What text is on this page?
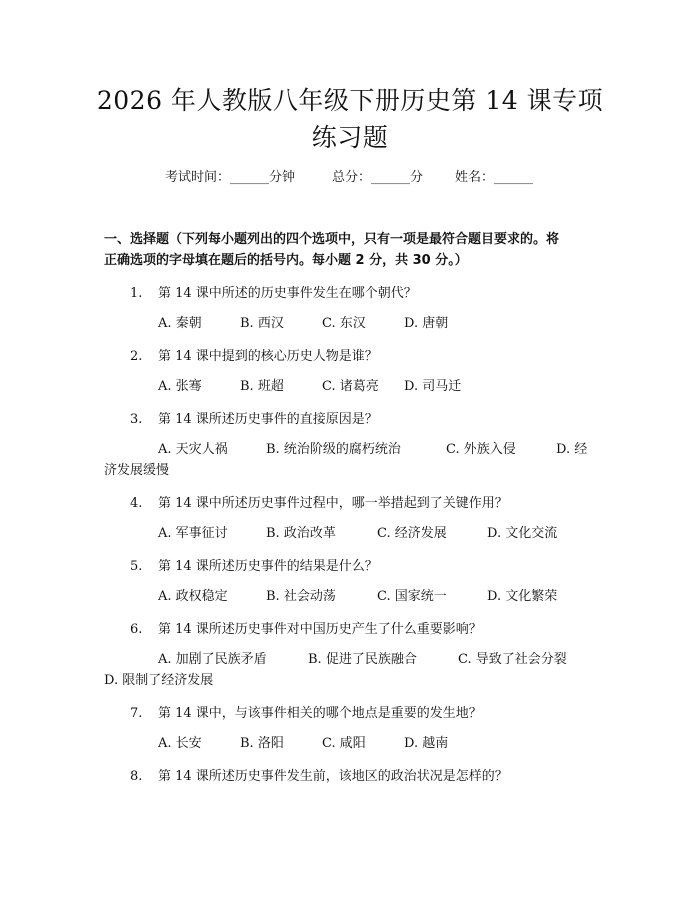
2026 年人教版八年级下册历史第 14 课专项
练习题
考试时间：______分钟	总分：______分 姓名：______
一、选择题（下列每小题列出的四个选项中，只有一项是最符合题目要求的。将
正确选项的字母填在题后的括号内。每小题 2 分，共 30 分。）
1. 第 14 课中所述的历史事件发生在哪个朝代？
A. 秦朝	B. 西汉	C. 东汉	D. 唐朝
2. 第 14 课中提到的核心历史人物是谁？
A. 张骞	B. 班超	C. 诸葛亮 D. 司马迁
3. 第 14 课所述历史事件的直接原因是？
A. 天灾人祸	B. 统治阶级的腐朽统治	C. 外族入侵	D. 经
济发展缓慢
4. 第 14 课中所述历史事件过程中，哪一举措起到了关键作用？
A. 军事征讨	B. 政治改革	C. 经济发展	D. 文化交流
5. 第 14 课所述历史事件的结果是什么？
A. 政权稳定	B. 社会动荡	C. 国家统一	D. 文化繁荣
6. 第 14 课所述历史事件对中国历史产生了什么重要影响？
A. 加剧了民族矛盾	B. 促进了民族融合	C. 导致了社会分裂
D. 限制了经济发展
7. 第 14 课中，与该事件相关的哪个地点是重要的发生地？
A. 长安	B. 洛阳	C. 咸阳	D. 越南
8. 第 14 课所述历史事件发生前，该地区的政治状况是怎样的？
